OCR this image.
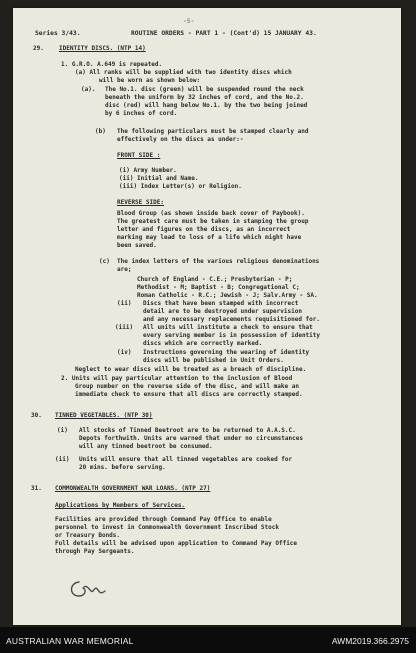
-5-
Series 3/43.	ROUTINE ORDERS - PART 1 - (Cont'd) 15 JANUARY 43.
29.	IDENTITY DISCS. (NTP 14)
1. G.R.O. A.649 is repeated.
(a) All ranks will be supplied with two identity discs which
will be worn as shown below:
(a). The No.1. disc (green) will be suspended round the neck
beneath the uniform by 32 inches of cord, and the No.2.
disc (red) will hang below No.1. by the two being joined
by 6 inches of cord.
(b) The following particulars must be stamped clearly and
effectively on the discs as under:-
FRONT SIDE :
(i) Army Number.
(ii) Initial and Name.
(iii) Index Letter(s) or Religion.
REVERSE SIDE:
Blood Group (as shown inside back cover of Paybook).
The greatest care must be taken in stamping the group
letter and figures on the discs, as an incorrect
marking may lead to loss of a life which might have
been saved.
(c) The index letters of the various religious denominations
are;
Church of England - C.E.; Presbyterian - P;
Methodist - M; Baptist - B; Congregational C;
Roman Catholic - R.C.; Jewish - J; Salv.Army - SA.
(ii) Discs that have been stamped with incorrect
detail are to be destroyed under supervision
and any necessary replacements requisitioned for.
(iii) All units will institute a check to ensure that
every serving member is in possession of identity
discs which are correctly marked.
(iv) Instructions governing the wearing of identity
discs will be published in Unit Orders.
Neglect to wear discs will be treated as a breach of discipline.
2. Units will pay particular attention to the inclusion of Blood
Group number on the reverse side of the disc, and will make an
immediate check to ensure that all discs are correctly stamped.
30. TINNED VEGETABLES. (NTP 30)
(i) All stocks of Tinned Beetroot are to be returned to A.A.S.C.
Depots forthwith. Units are warned that under no circumstances
will any tinned beetroot be consumed.
(ii) Units will ensure that all tinned vegetables are cooked for
20 mins. before serving.
31. COMMONWEALTH GOVERNMENT WAR LOANS. (NTP 27)
Applications by Members of Services.
Facilities are provided through Command Pay Office to enable
personnel to invest in Commonwealth Government Inscribed Stock
or Treasury Bonds.
Full details will be advised upon application to Command Pay Office
through Pay Sergeants.
AUSTRALIAN WAR MEMORIAL	AWM2019.366.2975
